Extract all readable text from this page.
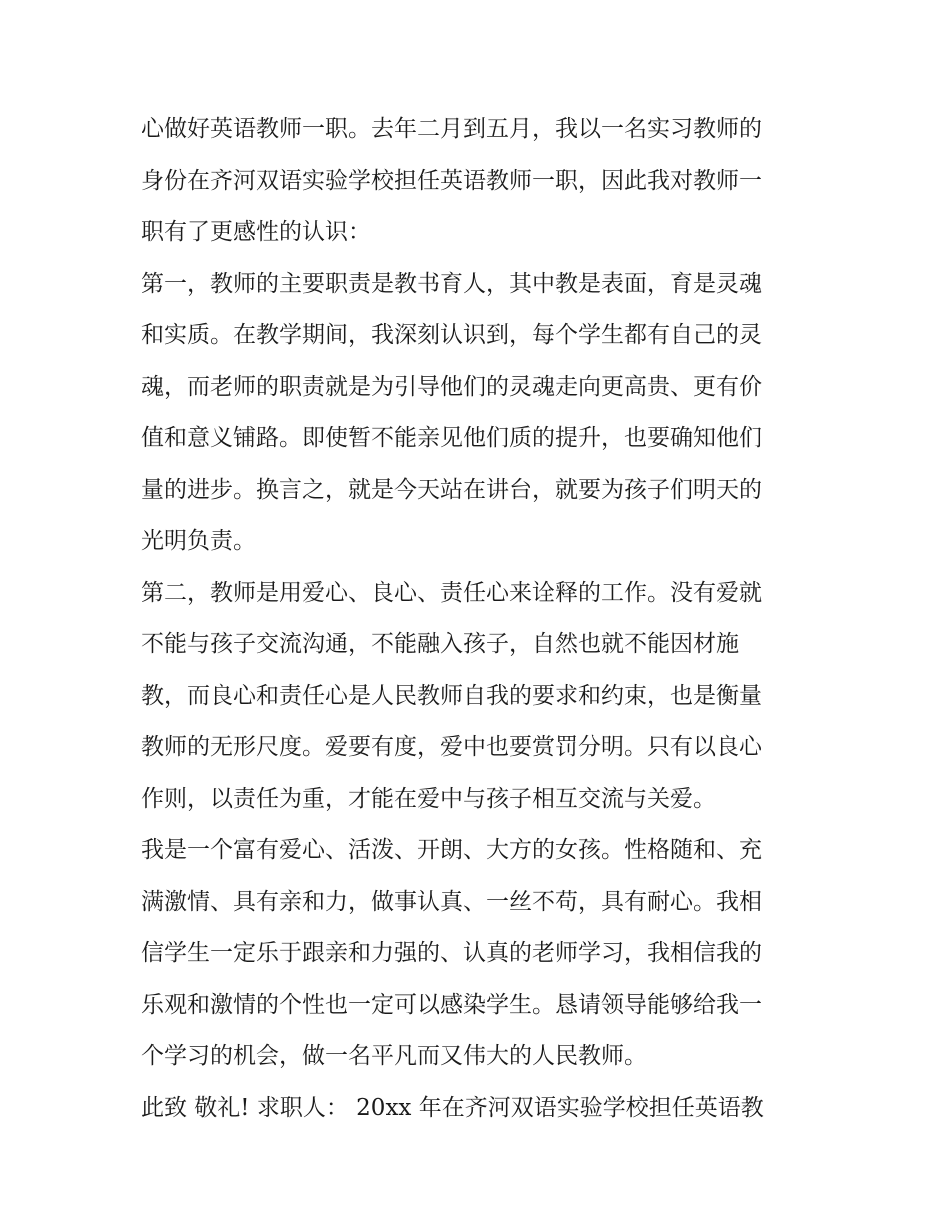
心做好英语教师一职。去年二月到五月，我以一名实习教师的
身份在齐河双语实验学校担任英语教师一职，因此我对教师一
职有了更感性的认识：
第一，教师的主要职责是教书育人，其中教是表面，育是灵魂
和实质。在教学期间，我深刻认识到，每个学生都有自己的灵
魂，而老师的职责就是为引导他们的灵魂走向更高贵、更有价
值和意义铺路。即使暂不能亲见他们质的提升，也要确知他们
量的进步。换言之，就是今天站在讲台，就要为孩子们明天的
光明负责。
第二，教师是用爱心、良心、责任心来诠释的工作。没有爱就
不能与孩子交流沟通，不能融入孩子，自然也就不能因材施
教，而良心和责任心是人民教师自我的要求和约束，也是衡量
教师的无形尺度。爱要有度，爱中也要赏罚分明。只有以良心
作则，以责任为重，才能在爱中与孩子相互交流与关爱。
我是一个富有爱心、活泼、开朗、大方的女孩。性格随和、充
满激情、具有亲和力，做事认真、一丝不苟，具有耐心。我相
信学生一定乐于跟亲和力强的、认真的老师学习，我相信我的
乐观和激情的个性也一定可以感染学生。恳请领导能够给我一
个学习的机会，做一名平凡而又伟大的人民教师。
此致 敬礼! 求职人： 20xx 年在齐河双语实验学校担任英语教
